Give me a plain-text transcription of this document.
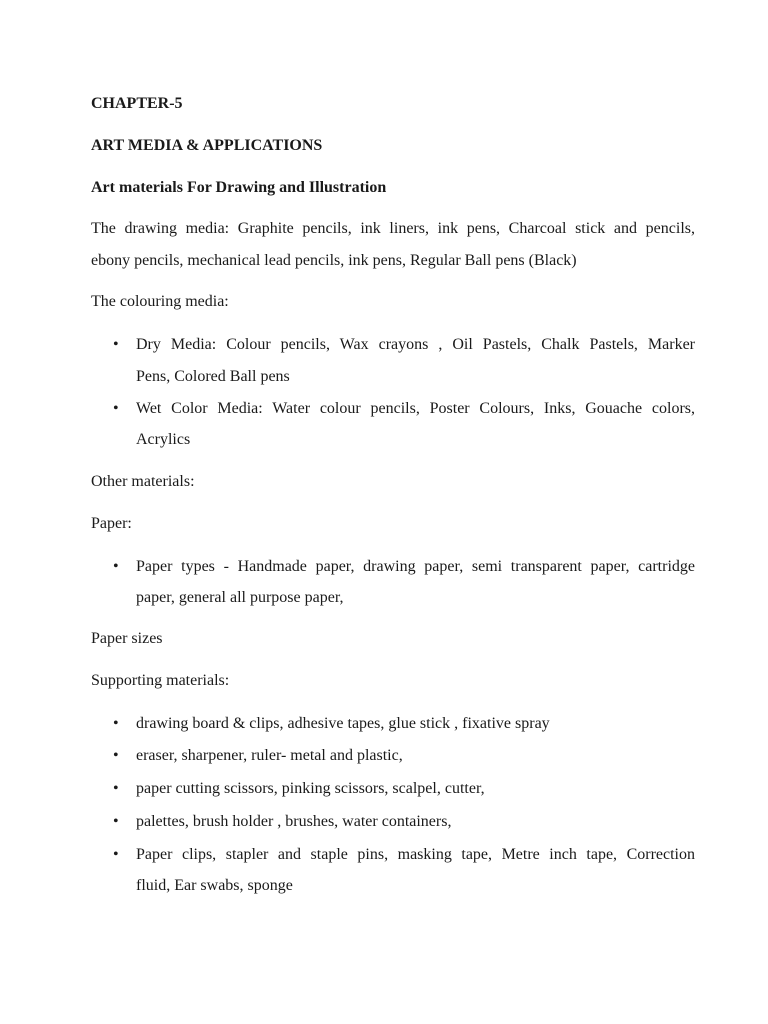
CHAPTER-5
ART MEDIA & APPLICATIONS
Art materials For Drawing and Illustration
The drawing media: Graphite pencils, ink liners, ink pens, Charcoal stick and pencils,
ebony pencils, mechanical lead pencils, ink pens, Regular Ball pens (Black)
The colouring media:
• Dry Media: Colour pencils, Wax crayons , Oil Pastels, Chalk Pastels, Marker
Pens, Colored Ball pens
• Wet Color Media: Water colour pencils, Poster Colours, Inks, Gouache colors,
Acrylics
Other materials:
Paper:
• Paper types - Handmade paper, drawing paper, semi transparent paper, cartridge
paper, general all purpose paper,
Paper sizes
Supporting materials:
• drawing board & clips, adhesive tapes, glue stick , fixative spray
• eraser, sharpener, ruler- metal and plastic,
• paper cutting scissors, pinking scissors, scalpel, cutter,
• palettes, brush holder , brushes, water containers,
• Paper clips, stapler and staple pins, masking tape, Metre inch tape, Correction
fluid, Ear swabs, sponge
